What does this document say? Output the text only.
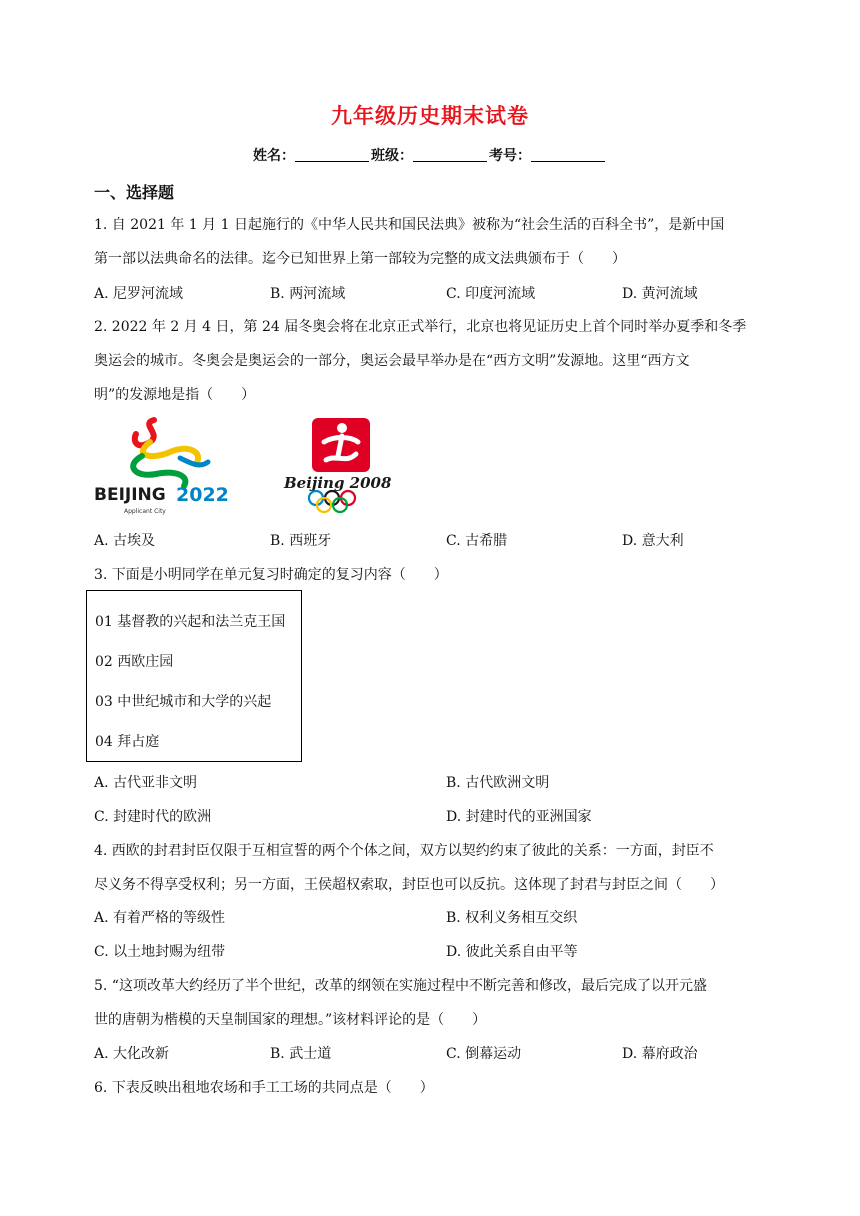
九年级历史期末试卷
姓名：	班级：	考号：
一、选择题
1. 自 2021 年 1 月 1 日起施行的《中华人民共和国民法典》被称为“社会生活的百科全书”，是新中国
第一部以法典命名的法律。迄今已知世界上第一部较为完整的成文法典颁布于（　　）
A. 尼罗河流域	B. 两河流域	C. 印度河流域	D. 黄河流域
2. 2022 年 2 月 4 日，第 24 届冬奥会将在北京正式举行，北京也将见证历史上首个同时举办夏季和冬季
奥运会的城市。冬奥会是奥运会的一部分，奥运会最早举办是在“西方文明”发源地。这里“西方文
明”的发源地是指（　　）
BEIJING 2022
Applicant City
Beijing 2008
A. 古埃及	B. 西班牙	C. 古希腊	D. 意大利
3. 下面是小明同学在单元复习时确定的复习内容（　　）
01 基督教的兴起和法兰克王国
02 西欧庄园
03 中世纪城市和大学的兴起
04 拜占庭
A. 古代亚非文明	B. 古代欧洲文明
C. 封建时代的欧洲	D. 封建时代的亚洲国家
4. 西欧的封君封臣仅限于互相宣誓的两个个体之间，双方以契约约束了彼此的关系：一方面，封臣不
尽义务不得享受权利；另一方面，王侯超权索取，封臣也可以反抗。这体现了封君与封臣之间（　　）
A. 有着严格的等级性	B. 权利义务相互交织
C. 以土地封赐为纽带	D. 彼此关系自由平等
5. “这项改革大约经历了半个世纪，改革的纲领在实施过程中不断完善和修改，最后完成了以开元盛
世的唐朝为楷模的天皇制国家的理想。”该材料评论的是（　　）
A. 大化改新	B. 武士道	C. 倒幕运动	D. 幕府政治
6. 下表反映出租地农场和手工工场的共同点是（　　）
